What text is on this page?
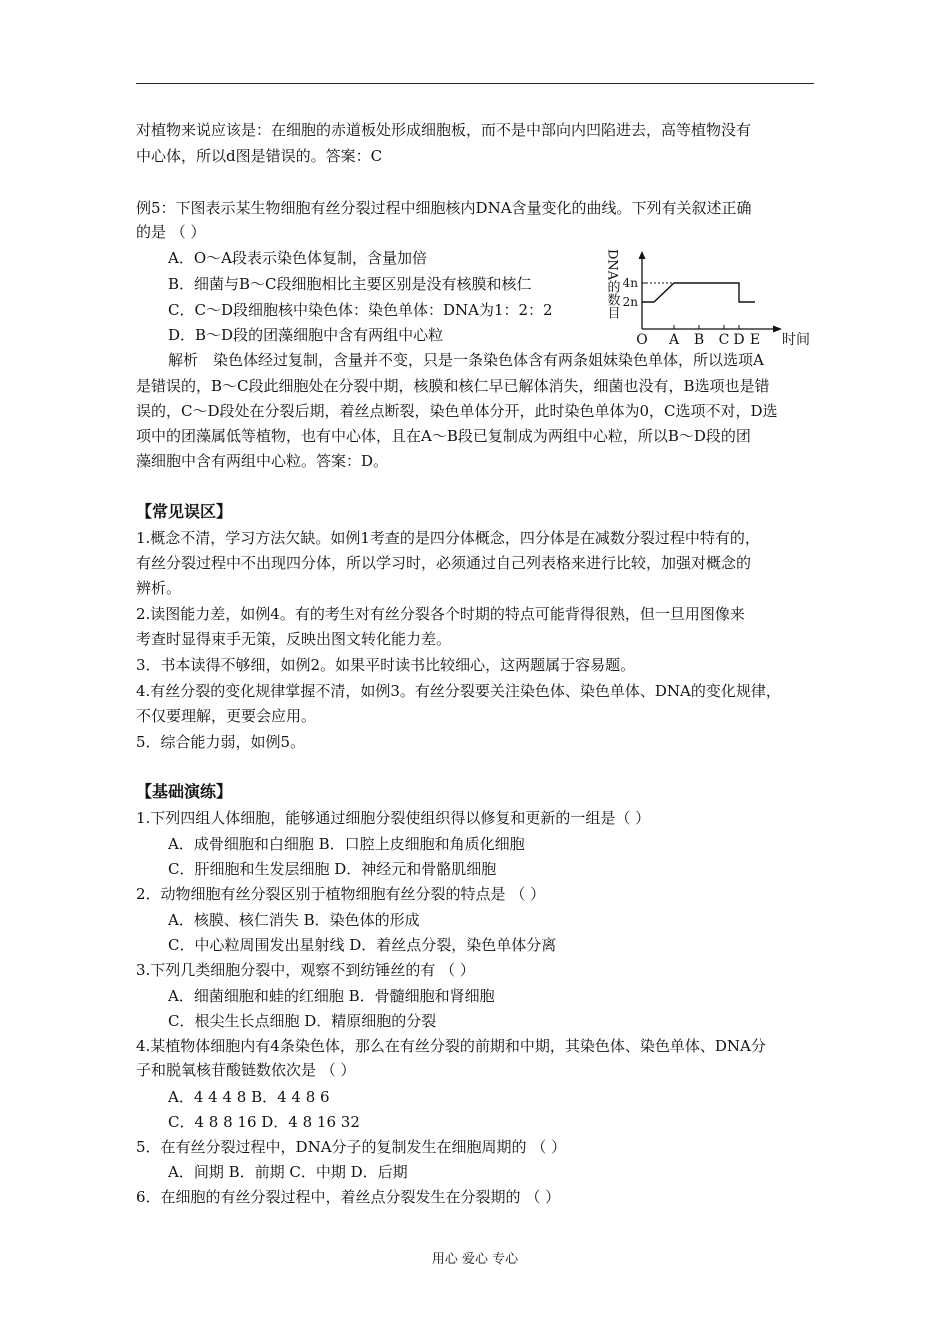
对植物来说应该是：在细胞的赤道板处形成细胞板，而不是中部向内凹陷进去，高等植物没有
中心体，所以d图是错误的。答案：C
例5：下图表示某生物细胞有丝分裂过程中细胞核内DNA含量变化的曲线。下列有关叙述正确
的是 （ ）
A．O～A段表示染色体复制，含量加倍
B．细菌与B～C段细胞相比主要区别是没有核膜和核仁
C．C～D段细胞核中染色体：染色单体：DNA为1：2：2
D．B～D段的团藻细胞中含有两组中心粒
DNA的数目 4n
2n
O A B C D E 时间
解析　染色体经过复制，含量并不变，只是一条染色体含有两条姐妹染色单体，所以选项A
是错误的，B～C段此细胞处在分裂中期，核膜和核仁早已解体消失，细菌也没有，B选项也是错
误的，C～D段处在分裂后期，着丝点断裂，染色单体分开，此时染色单体为0，C选项不对，D选
项中的团藻属低等植物，也有中心体，且在A～B段已复制成为两组中心粒，所以B～D段的团
藻细胞中含有两组中心粒。答案：D。
【常见误区】
1.概念不清，学习方法欠缺。如例1考查的是四分体概念，四分体是在减数分裂过程中特有的，
有丝分裂过程中不出现四分体，所以学习时，必须通过自己列表格来进行比较，加强对概念的
辨析。
2.读图能力差，如例4。有的考生对有丝分裂各个时期的特点可能背得很熟，但一旦用图像来
考查时显得束手无策，反映出图文转化能力差。
3．书本读得不够细，如例2。如果平时读书比较细心，这两题属于容易题。
4.有丝分裂的变化规律掌握不清，如例3。有丝分裂要关注染色体、染色单体、DNA的变化规律，
不仅要理解，更要会应用。
5．综合能力弱，如例5。
【基础演练】
1.下列四组人体细胞，能够通过细胞分裂使组织得以修复和更新的一组是（ ）
A．成骨细胞和白细胞 B．口腔上皮细胞和角质化细胞
C．肝细胞和生发层细胞 D．神经元和骨骼肌细胞
2．动物细胞有丝分裂区别于植物细胞有丝分裂的特点是 （ ）
A．核膜、核仁消失 B．染色体的形成
C．中心粒周围发出星射线 D．着丝点分裂，染色单体分离
3.下列几类细胞分裂中，观察不到纺锤丝的有 （ ）
A．细菌细胞和蛙的红细胞 B．骨髓细胞和肾细胞
C．根尖生长点细胞 D．精原细胞的分裂
4.某植物体细胞内有4条染色体，那么在有丝分裂的前期和中期，其染色体、染色单体、DNA分
子和脱氧核苷酸链数依次是 （ ）
A．4 4 4 8 B．4 4 8 6
C．4 8 8 16 D．4 8 16 32
5．在有丝分裂过程中，DNA分子的复制发生在细胞周期的 （ ）
A．间期 B．前期 C．中期 D．后期
6．在细胞的有丝分裂过程中，着丝点分裂发生在分裂期的 （ ）
用心 爱心 专心
